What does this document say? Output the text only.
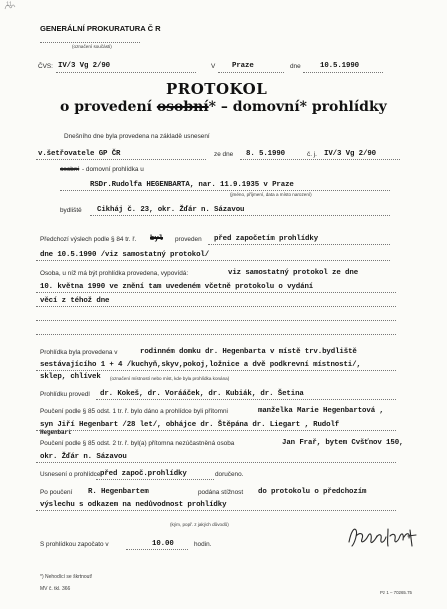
11
GENERÁLNÍ PROKURATURA Č R
(označení součásti)
ČVS: IV/3 Vg 2/90	V Praze	dne	10.5.1990
PROTOKOL
o provedení osobní* – domovní* prohlídky
Dnešního dne byla provedena na základě usnesení
v.šetřovatele GP ČR	ze dne 8. 5.1990	č. j. IV/3 Vg 2/90
osobní - domovní prohlídka u
RSDr.Rudolfa HEGENBARTA, nar. 11.9.1935 v Praze
(jméno, příjmení, data a místo narození)
bydliště Cikháj č. 23, okr. Žďár n. Sázavou
Předchozí výslech podle § 84 tr. ř. byl proveden před započetím prohlídky
dne 10.5.1990 /viz samostatný protokol/
Osoba, u níž má být prohlídka provedena, vypovídá:	viz samostatný protokol ze dne
10. května 1990 ve znění tam uvedeném včetně protokolu o vydání
věcí z téhož dne
Prohlídka byla provedena v	rodinném domku dr. Hegenbarta v místě trv.bydliště
sestávajícího 1 + 4 /kuchyň,skyv,pokoj,ložnice a dvě podkrevní místnosti/,
sklep, chlívek (označení místností nebo míst, kde byla prohlídka konána)
Prohlídku provedl dr. Kokeš, dr. Vorááček, dr. Kubiák, dr. Šetina
Poučení podle § 85 odst. 1 tr. ř. bylo dáno a prohlídce byli přítomni	manželka Marie Hegenbartová ,
syn Jiří Hegenbart /28 let/, obhájce dr. Štěpána dr. Liegart , Rudolf
Hegenbart
Poučení podle § 85 odst. 2 tr. ř. byl(a) přítomna nezúčastněná osoba	Jan Frař, bytem Cvšťnov 150,
okr. Žďár n. Sázavou
Usnesení o prohlídce před započ.prohlídky	doručeno.
Po poučení R. Hegenbartem	podána stížnost do protokolu o předchozím
výslechu s odkazem na nedůvodnost prohlídky
(kým, popř. z jakých důvodů)
S prohlídkou započato v	10.00	hodin.
*) Nehodící se škrtnout!
MV č. tkl. 366
Pz 1 – 70265.75
